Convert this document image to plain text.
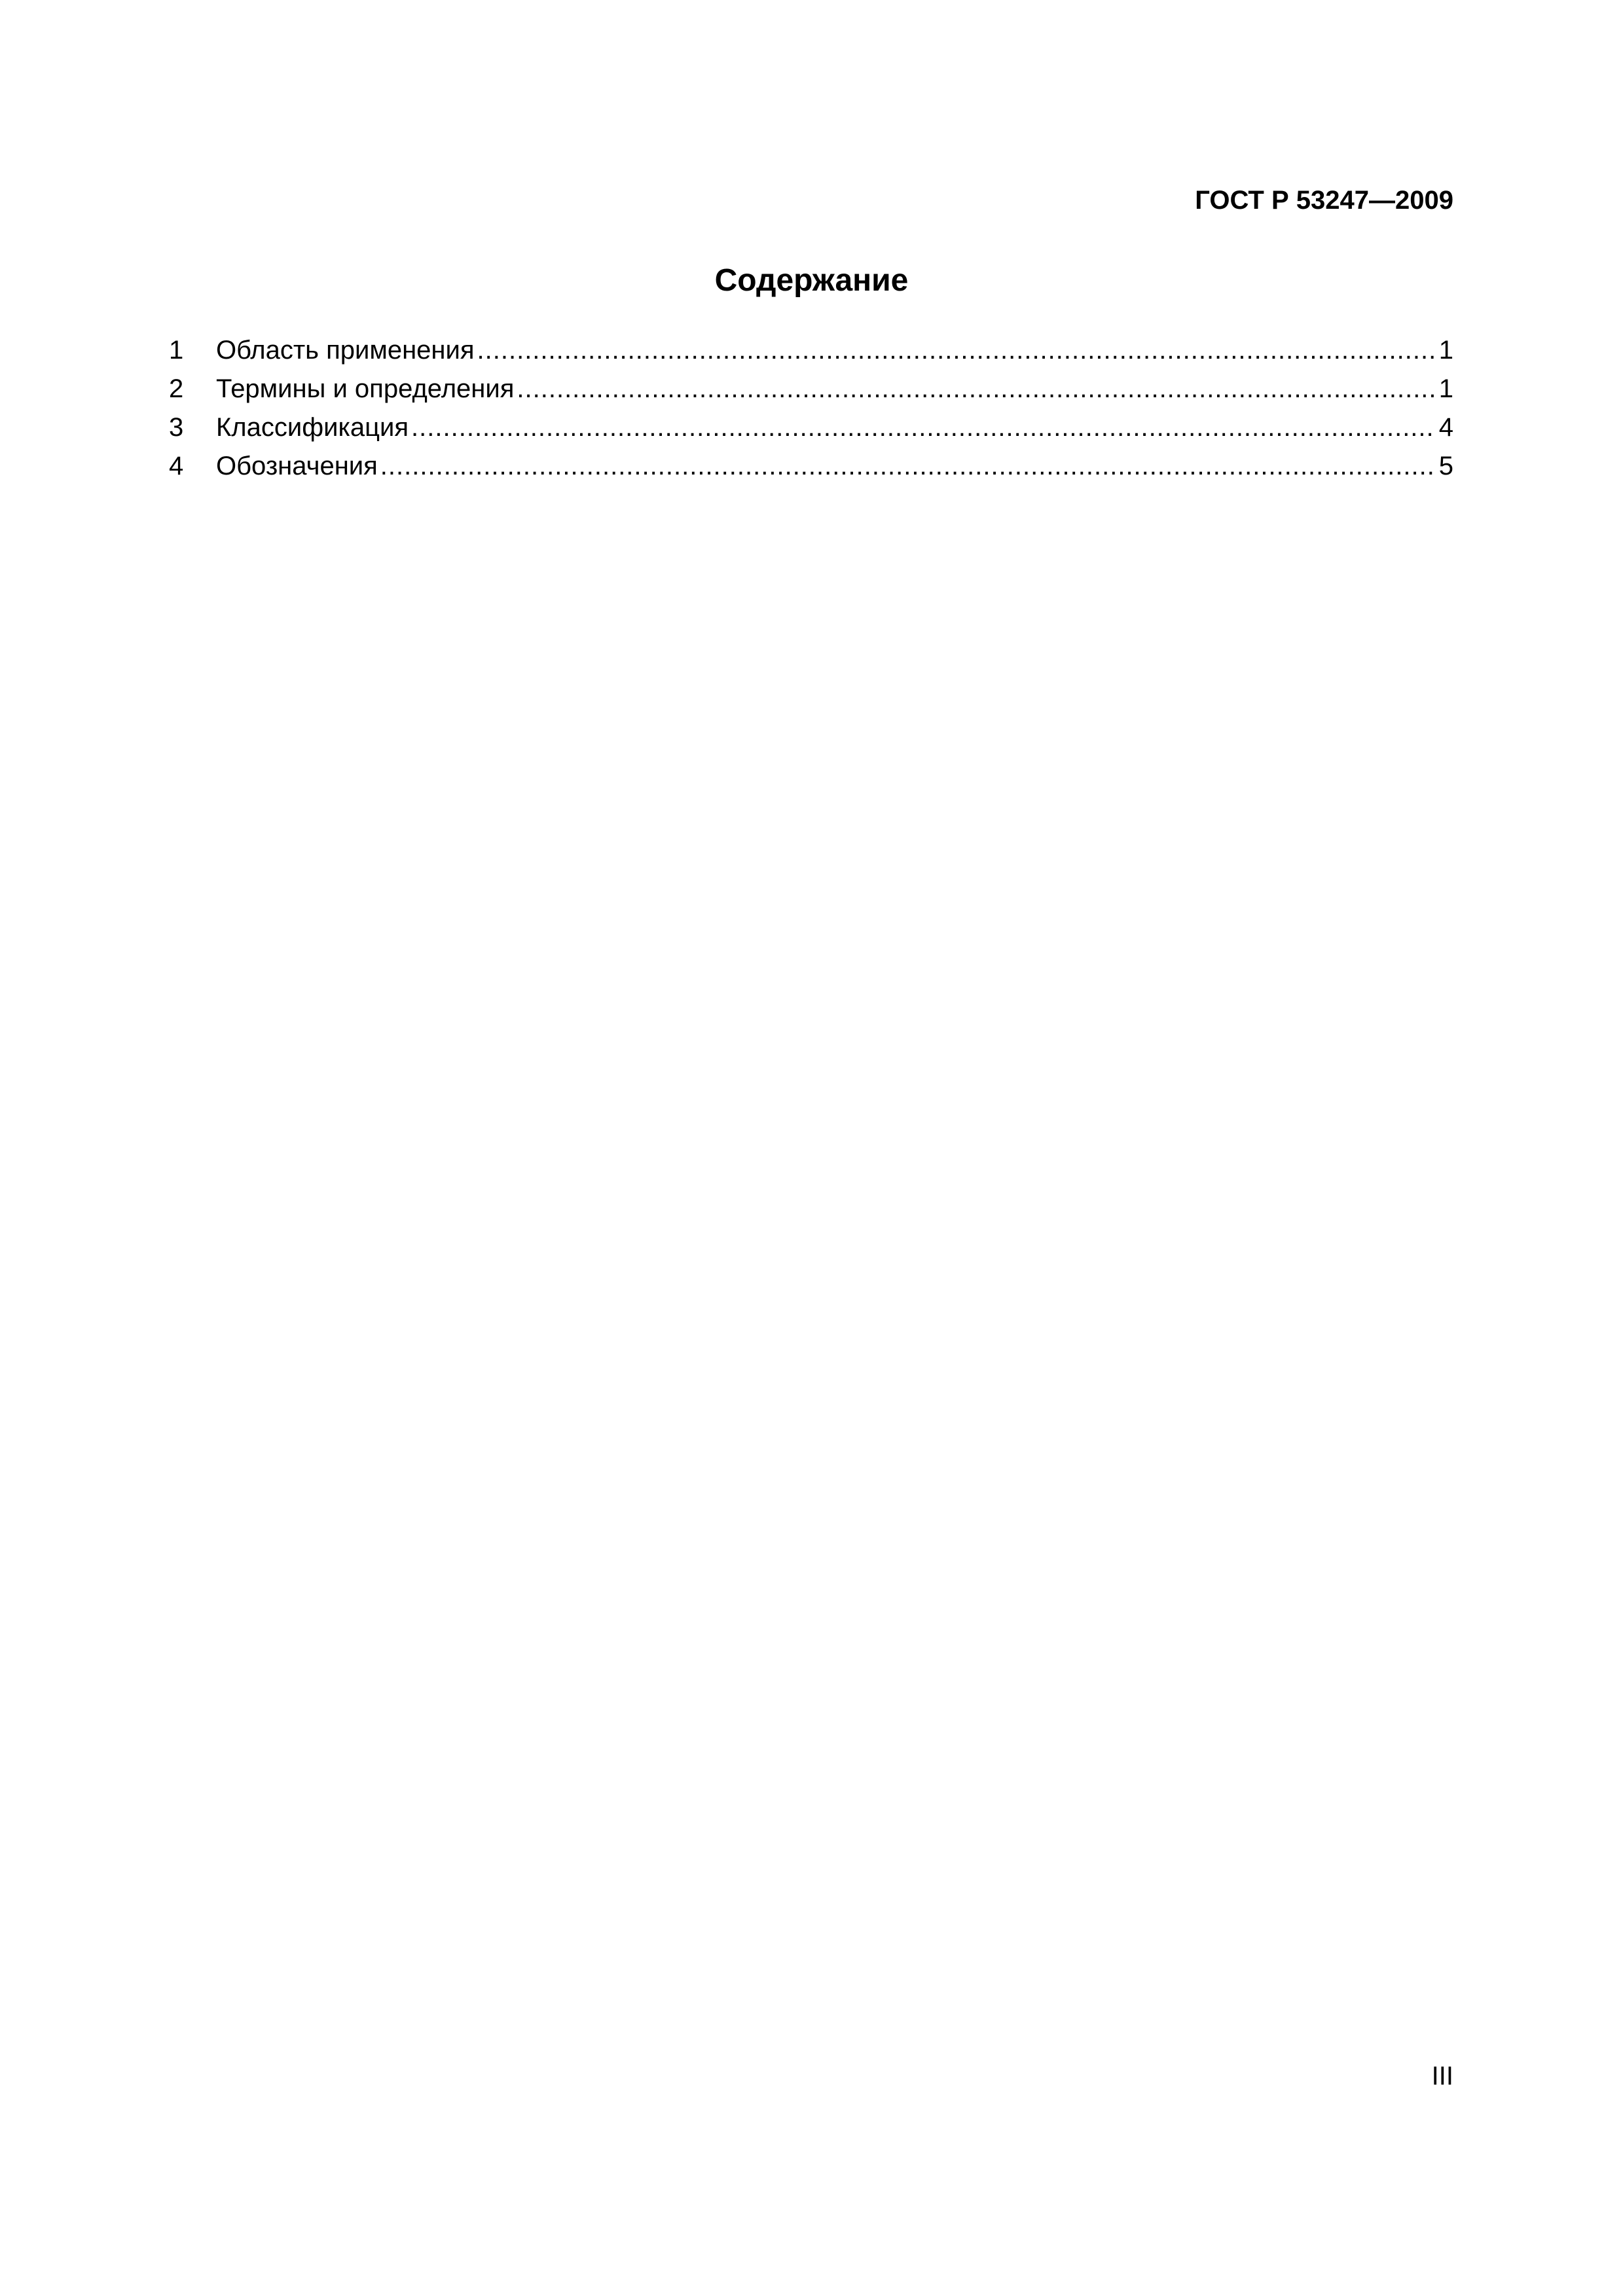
ГОСТ Р 53247—2009
Содержание
1	Область применения .....	1
2	Термины и определения .....	1
3	Классификация .....	4
4	Обозначения .....	5
III
